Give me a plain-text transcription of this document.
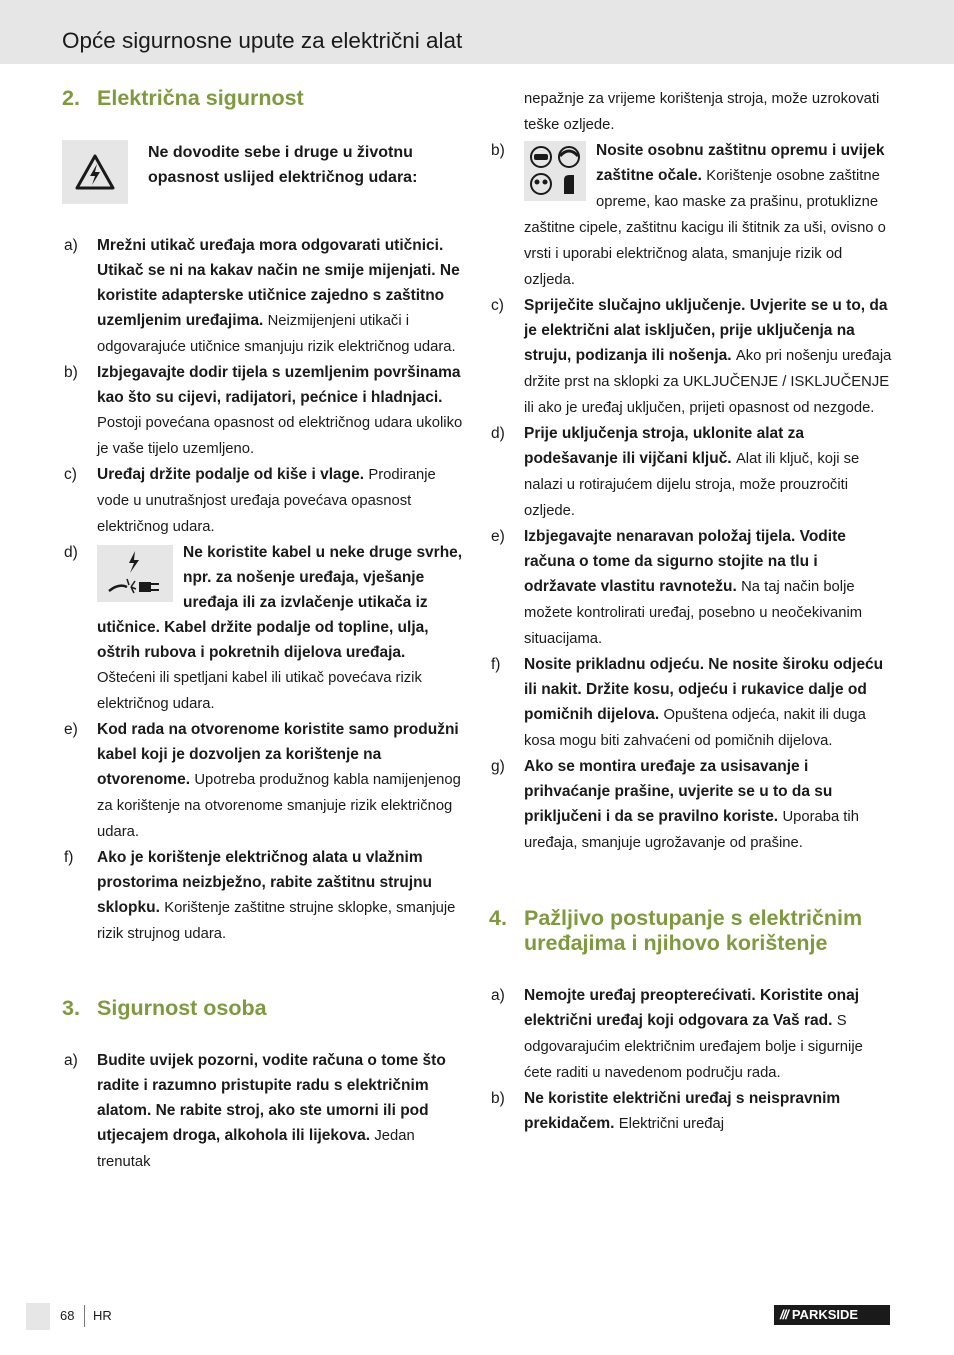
Opće sigurnosne upute za električni alat
2. Električna sigurnost
Ne dovodite sebe i druge u životnu opasnost uslijed električnog udara:
a) Mrežni utikač uređaja mora odgovarati utičnici. Utikač se ni na kakav način ne smije mijenjati. Ne koristite adapterske utičnice zajedno s zaštitno uzemljenim uređajima. Neizmijenjeni utikači i odgovarajuće utičnice smanjuju rizik električnog udara.
b) Izbjegavajte dodir tijela s uzemljenim površinama kao što su cijevi, radijatori, pećnice i hladnjaci. Postoji povećana opasnost od električnog udara ukoliko je vaše tijelo uzemljeno.
c) Uređaj držite podalje od kiše i vlage. Prodiranje vode u unutrašnjost uređaja povećava opasnost električnog udara.
d)	Ne koristite kabel u neke druge svrhe, npr. za nošenje uređaja, vješanje uređaja ili za izvlačenje utikača iz utičnice. Kabel držite podalje od topline, ulja, oštrih rubova i pokretnih dijelova uređaja. Oštećeni ili spetljani kabel ili utikač povećava rizik električnog udara.
e) Kod rada na otvorenome koristite samo produžni kabel koji je dozvoljen za korištenje na otvorenome. Upotreba produžnog kabla namijenjenog za korištenje na otvorenome smanjuje rizik električnog udara.
f) Ako je korištenje električnog alata u vlažnim prostorima neizbježno, rabite zaštitnu strujnu sklopku. Korištenje zaštitne strujne sklopke, smanjuje rizik strujnog udara.
3. Sigurnost osoba
a) Budite uvijek pozorni, vodite računa o tome što radite i razumno pristupite radu s električnim alatom. Ne rabite stroj, ako ste umorni ili pod utjecajem droga, alkohola ili lijekova. Jedan trenutak
nepažnje za vrijeme korištenja stroja, može uzrokovati teške ozljede.
b)	Nosite osobnu zaštitnu opremu i uvijek zaštitne očale. Korištenje osobne zaštitne opreme, kao maske za prašinu, protuklizne zaštitne cipele, zaštitnu kacigu ili štitnik za uši, ovisno o vrsti i uporabi električnog alata, smanjuje rizik od ozljeda.
c) Spriječite slučajno uključenje. Uvjerite se u to, da je električni alat isključen, prije uključenja na struju, podizanja ili nošenja. Ako pri nošenju uređaja držite prst na sklopki za UKLJUČENJE / ISKLJUČENJE ili ako je uređaj uključen, prijeti opasnost od nezgode.
d) Prije uključenja stroja, uklonite alat za podešavanje ili vijčani ključ. Alat ili ključ, koji se nalazi u rotirajućem dijelu stroja, može prouzročiti ozljede.
e) Izbjegavajte nenaravan položaj tijela. Vodite računa o tome da sigurno stojite na tlu i održavate vlastitu ravnotežu. Na taj način bolje možete kontrolirati uređaj, posebno u neočekivanim situacijama.
f) Nosite prikladnu odjeću. Ne nosite široku odjeću ili nakit. Držite kosu, odjeću i rukavice dalje od pomičnih dijelova. Opuštena odjeća, nakit ili duga kosa mogu biti zahvaćeni od pomičnih dijelova.
g) Ako se montira uređaje za usisavanje i prihvaćanje prašine, uvjerite se u to da su priključeni i da se pravilno koriste. Uporaba tih uređaja, smanjuje ugrožavanje od prašine.
4. Pažljivo postupanje s električnim uređajima i njihovo korištenje
a) Nemojte uređaj preopterećivati. Koristite onaj električni uređaj koji odgovara za Vaš rad. S odgovarajućim električnim uređajem bolje i sigurnije ćete raditi u navedenom području rada.
b) Ne koristite električni uređaj s neispravnim prekidačem. Električni uređaj
68 HR	/// PARKSIDE
